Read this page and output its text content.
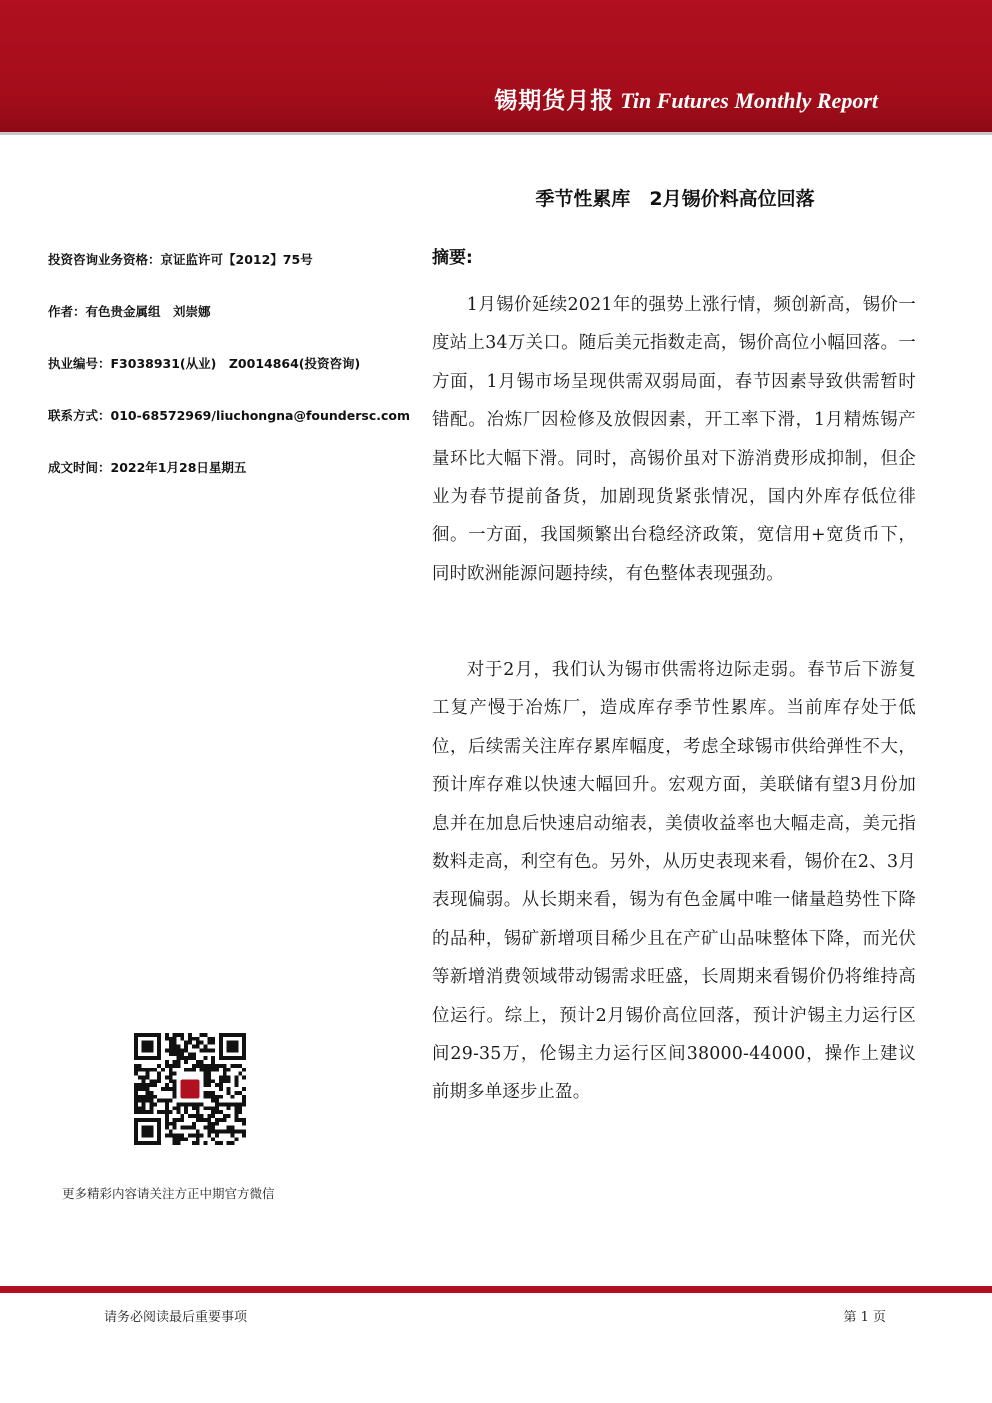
锡期货月报 Tin Futures Monthly Report
季节性累库　2月锡价料高位回落
投资咨询业务资格：京证监许可【2012】75号
作者：有色贵金属组　刘崇娜
执业编号：F3038931(从业)　Z0014864(投资咨询)
联系方式：010-68572969/liuchongna@foundersc.com
成文时间：2022年1月28日星期五
摘要:

1月锡价延续2021年的强势上涨行情，频创新高，锡价一度站上34万关口。随后美元指数走高，锡价高位小幅回落。一方面，1月锡市场呈现供需双弱局面，春节因素导致供需暂时错配。冶炼厂因检修及放假因素，开工率下滑，1月精炼锡产量环比大幅下滑。同时，高锡价虽对下游消费形成抑制，但企业为春节提前备货，加剧现货紧张情况，国内外库存低位徘徊。一方面，我国频繁出台稳经济政策，宽信用+宽货币下，同时欧洲能源问题持续，有色整体表现强劲。

对于2月，我们认为锡市供需将边际走弱。春节后下游复工复产慢于冶炼厂，造成库存季节性累库。当前库存处于低位，后续需关注库存累库幅度，考虑全球锡市供给弹性不大，预计库存难以快速大幅回升。宏观方面，美联储有望3月份加息并在加息后快速启动缩表，美债收益率也大幅走高，美元指数料走高，利空有色。另外，从历史表现来看，锡价在2、3月表现偏弱。从长期来看，锡为有色金属中唯一储量趋势性下降的品种，锡矿新增项目稀少且在产矿山品味整体下降，而光伏等新增消费领域带动锡需求旺盛，长周期来看锡价仍将维持高位运行。综上，预计2月锡价高位回落，预计沪锡主力运行区间29-35万，伦锡主力运行区间38000-44000，操作上建议前期多单逐步止盈。

更多精彩内容请关注方正中期官方微信
请务必阅读最后重要事项	第 1 页
